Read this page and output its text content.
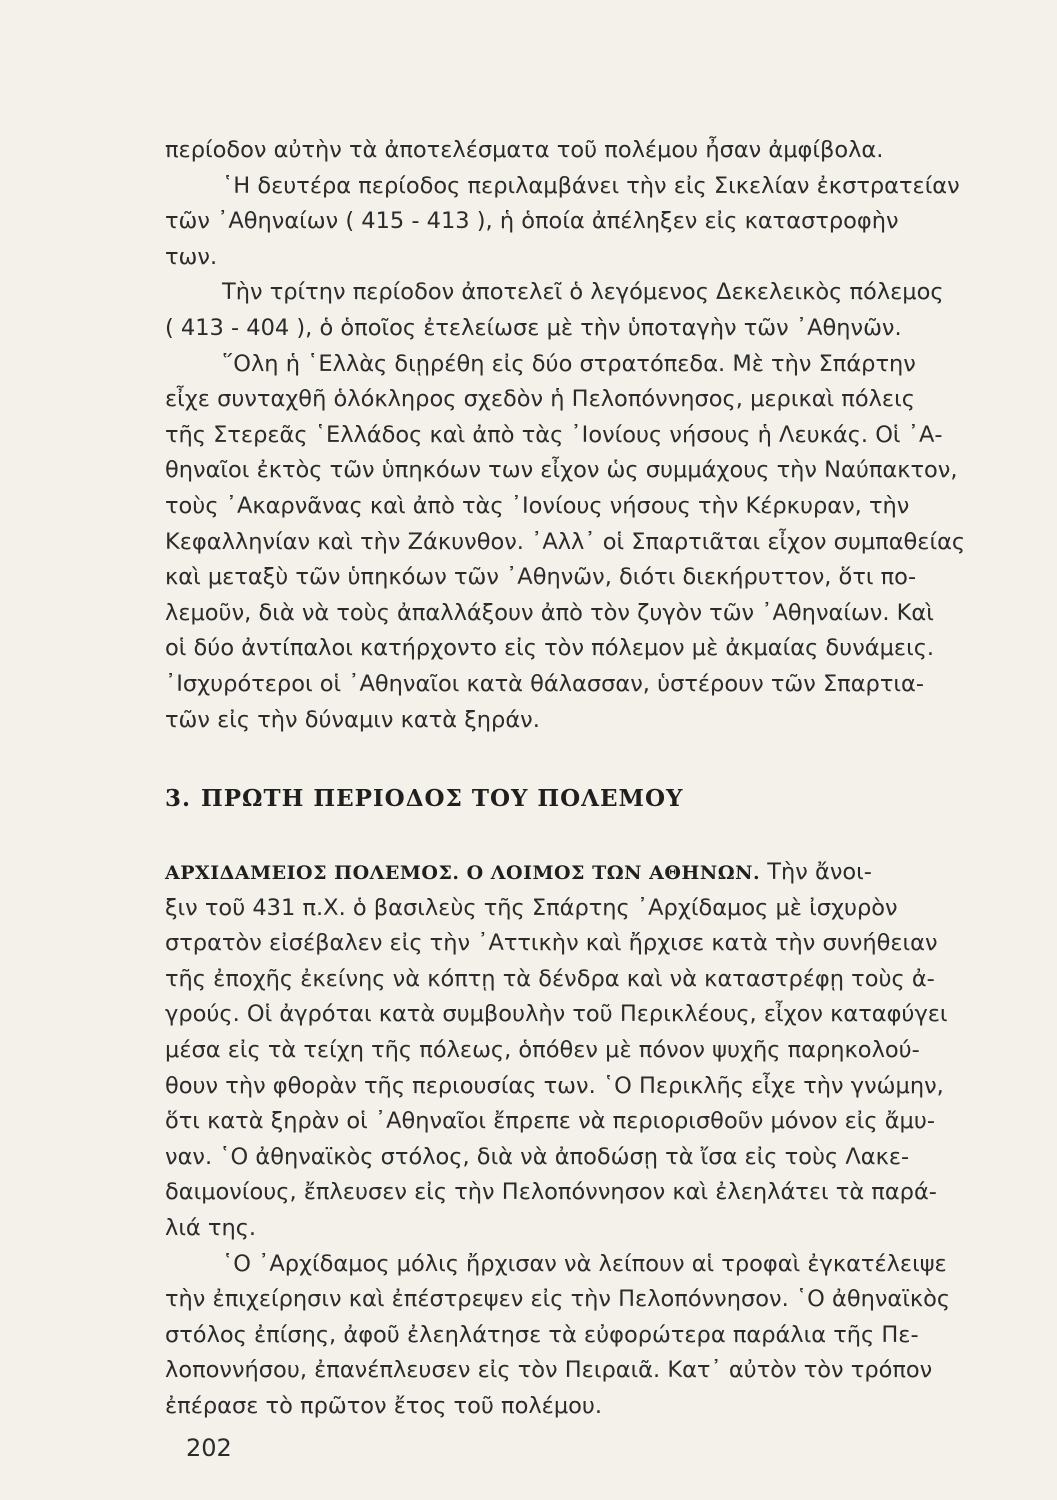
περίοδον αὐτὴν τὰ ἀποτελέσματα τοῦ πολέμου ἦσαν ἀμφίβολα.
῾Η δευτέρα περίοδος περιλαμβάνει τὴν εἰς Σικελίαν ἐκστρατείαν
τῶν ᾿Αθηναίων ( 415 - 413 ), ἡ ὁποία ἀπέληξεν εἰς καταστροφὴν
των.
Τὴν τρίτην περίοδον ἀποτελεῖ ὁ λεγόμενος Δεκελεικὸς πόλεμος
( 413 - 404 ), ὁ ὁποῖος ἐτελείωσε μὲ τὴν ὑποταγὴν τῶν ᾿Αθηνῶν.
῞Ολη ἡ ῾Ελλὰς διῃρέθη εἰς δύο στρατόπεδα. Μὲ τὴν Σπάρτην
εἶχε συνταχθῆ ὁλόκληρος σχεδὸν ἡ Πελοπόννησος, μερικαὶ πόλεις
τῆς Στερεᾶς ῾Ελλάδος καὶ ἀπὸ τὰς ᾿Ιονίους νήσους ἡ Λευκάς. Οἱ ᾿Α-
θηναῖοι ἐκτὸς τῶν ὑπηκόων των εἶχον ὡς συμμάχους τὴν Ναύπακτον,
τοὺς ᾿Ακαρνᾶνας καὶ ἀπὸ τὰς ᾿Ιονίους νήσους τὴν Κέρκυραν, τὴν
Κεφαλληνίαν καὶ τὴν Ζάκυνθον. ᾿Αλλ᾿ οἱ Σπαρτιᾶται εἶχον συμπαθείας
καὶ μεταξὺ τῶν ὑπηκόων τῶν ᾿Αθηνῶν, διότι διεκήρυττον, ὅτι πο-
λεμοῦν, διὰ νὰ τοὺς ἀπαλλάξουν ἀπὸ τὸν ζυγὸν τῶν ᾿Αθηναίων. Καὶ
οἱ δύο ἀντίπαλοι κατήρχοντο εἰς τὸν πόλεμον μὲ ἀκμαίας δυνάμεις.
᾿Ισχυρότεροι οἱ ᾿Αθηναῖοι κατὰ θάλασσαν, ὑστέρουν τῶν Σπαρτια-
τῶν εἰς τὴν δύναμιν κατὰ ξηράν.
3. ΠΡΩΤΗ ΠΕΡΙΟΔΟΣ ΤΟΥ ΠΟΛΕΜΟΥ
ΑΡΧΙΔΑΜΕΙΟΣ ΠΟΛΕΜΟΣ. Ο ΛΟΙΜΟΣ ΤΩΝ ΑΘΗΝΩΝ. Τὴν ἄνοι-
ξιν τοῦ 431 π.Χ. ὁ βασιλεὺς τῆς Σπάρτης ᾿Αρχίδαμος μὲ ἰσχυρὸν
στρατὸν εἰσέβαλεν εἰς τὴν ᾿Αττικὴν καὶ ἤρχισε κατὰ τὴν συνήθειαν
τῆς ἐποχῆς ἐκείνης νὰ κόπτῃ τὰ δένδρα καὶ νὰ καταστρέφῃ τοὺς ἀ-
γρούς. Οἱ ἀγρόται κατὰ συμβουλὴν τοῦ Περικλέους, εἶχον καταφύγει
μέσα εἰς τὰ τείχη τῆς πόλεως, ὁπόθεν μὲ πόνον ψυχῆς παρηκολού-
θουν τὴν φθορὰν τῆς περιουσίας των. ῾Ο Περικλῆς εἶχε τὴν γνώμην,
ὅτι κατὰ ξηρὰν οἱ ᾿Αθηναῖοι ἔπρεπε νὰ περιορισθοῦν μόνον εἰς ἄμυ-
ναν. ῾Ο ἀθηναϊκὸς στόλος, διὰ νὰ ἀποδώσῃ τὰ ἴσα εἰς τοὺς Λακε-
δαιμονίους, ἔπλευσεν εἰς τὴν Πελοπόννησον καὶ ἐλεηλάτει τὰ παρά-
λιά της.
῾Ο ᾿Αρχίδαμος μόλις ἤρχισαν νὰ λείπουν αἱ τροφαὶ ἐγκατέλειψε
τὴν ἐπιχείρησιν καὶ ἐπέστρεψεν εἰς τὴν Πελοπόννησον. ῾Ο ἀθηναϊκὸς
στόλος ἐπίσης, ἀφοῦ ἐλεηλάτησε τὰ εὐφορώτερα παράλια τῆς Πε-
λοποννήσου, ἐπανέπλευσεν εἰς τὸν Πειραιᾶ. Κατ᾿ αὐτὸν τὸν τρόπον
ἐπέρασε τὸ πρῶτον ἔτος τοῦ πολέμου.
202
